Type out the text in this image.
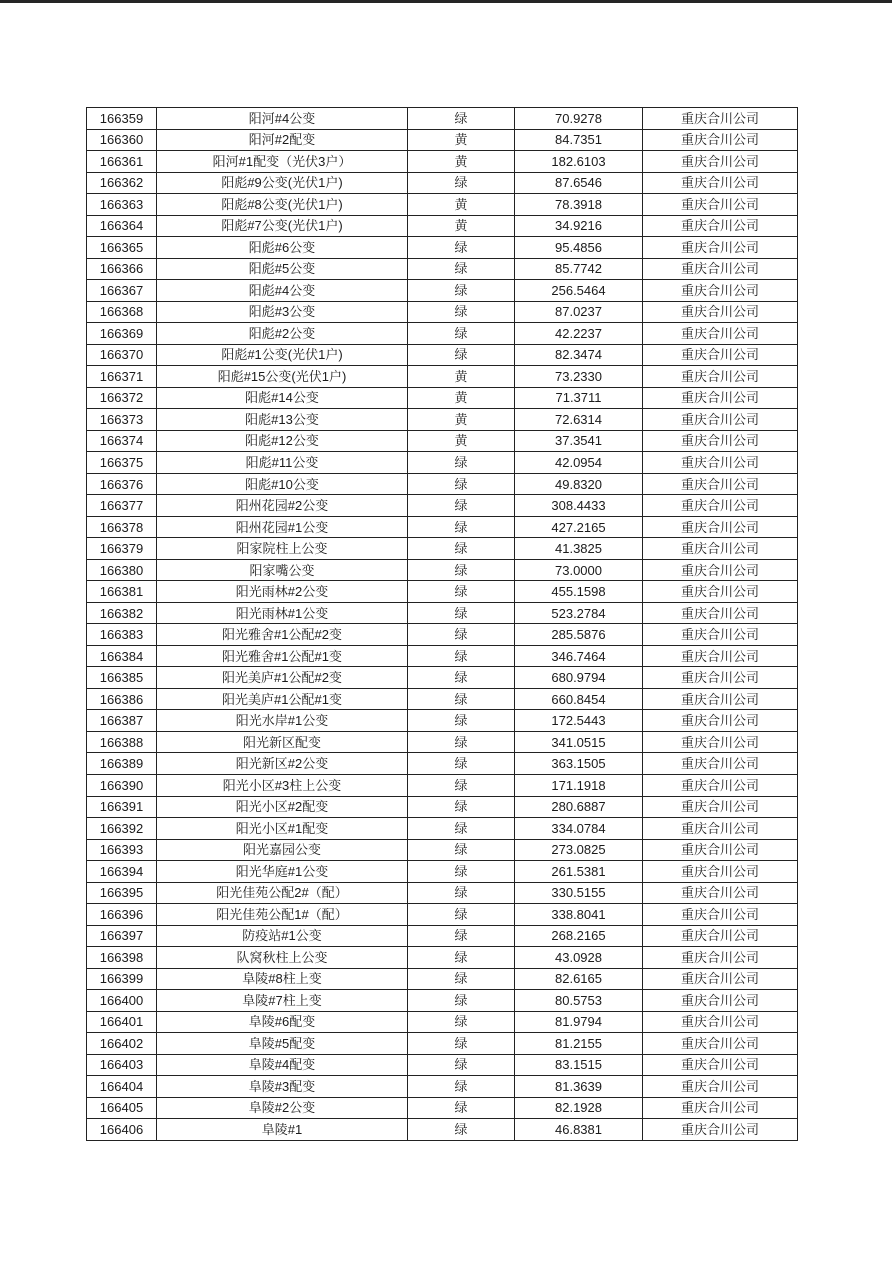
166359	阳河#4公变	绿	70.9278	重庆合川公司
166360	阳河#2配变	黄	84.7351	重庆合川公司
166361	阳河#1配变（光伏3户）	黄	182.6103	重庆合川公司
166362	阳彪#9公变(光伏1户)	绿	87.6546	重庆合川公司
166363	阳彪#8公变(光伏1户)	黄	78.3918	重庆合川公司
166364	阳彪#7公变(光伏1户)	黄	34.9216	重庆合川公司
166365	阳彪#6公变	绿	95.4856	重庆合川公司
166366	阳彪#5公变	绿	85.7742	重庆合川公司
166367	阳彪#4公变	绿	256.5464	重庆合川公司
166368	阳彪#3公变	绿	87.0237	重庆合川公司
166369	阳彪#2公变	绿	42.2237	重庆合川公司
166370	阳彪#1公变(光伏1户)	绿	82.3474	重庆合川公司
166371	阳彪#15公变(光伏1户)	黄	73.2330	重庆合川公司
166372	阳彪#14公变	黄	71.3711	重庆合川公司
166373	阳彪#13公变	黄	72.6314	重庆合川公司
166374	阳彪#12公变	黄	37.3541	重庆合川公司
166375	阳彪#11公变	绿	42.0954	重庆合川公司
166376	阳彪#10公变	绿	49.8320	重庆合川公司
166377	阳州花园#2公变	绿	308.4433	重庆合川公司
166378	阳州花园#1公变	绿	427.2165	重庆合川公司
166379	阳家院柱上公变	绿	41.3825	重庆合川公司
166380	阳家嘴公变	绿	73.0000	重庆合川公司
166381	阳光雨林#2公变	绿	455.1598	重庆合川公司
166382	阳光雨林#1公变	绿	523.2784	重庆合川公司
166383	阳光雅舍#1公配#2变	绿	285.5876	重庆合川公司
166384	阳光雅舍#1公配#1变	绿	346.7464	重庆合川公司
166385	阳光美庐#1公配#2变	绿	680.9794	重庆合川公司
166386	阳光美庐#1公配#1变	绿	660.8454	重庆合川公司
166387	阳光水岸#1公变	绿	172.5443	重庆合川公司
166388	阳光新区配变	绿	341.0515	重庆合川公司
166389	阳光新区#2公变	绿	363.1505	重庆合川公司
166390	阳光小区#3柱上公变	绿	171.1918	重庆合川公司
166391	阳光小区#2配变	绿	280.6887	重庆合川公司
166392	阳光小区#1配变	绿	334.0784	重庆合川公司
166393	阳光嘉园公变	绿	273.0825	重庆合川公司
166394	阳光华庭#1公变	绿	261.5381	重庆合川公司
166395	阳光佳苑公配2#（配）	绿	330.5155	重庆合川公司
166396	阳光佳苑公配1#（配）	绿	338.8041	重庆合川公司
166397	防疫站#1公变	绿	268.2165	重庆合川公司
166398	队窝秋柱上公变	绿	43.0928	重庆合川公司
166399	阜陵#8柱上变	绿	82.6165	重庆合川公司
166400	阜陵#7柱上变	绿	80.5753	重庆合川公司
166401	阜陵#6配变	绿	81.9794	重庆合川公司
166402	阜陵#5配变	绿	81.2155	重庆合川公司
166403	阜陵#4配变	绿	83.1515	重庆合川公司
166404	阜陵#3配变	绿	81.3639	重庆合川公司
166405	阜陵#2公变	绿	82.1928	重庆合川公司
166406	阜陵#1	绿	46.8381	重庆合川公司
